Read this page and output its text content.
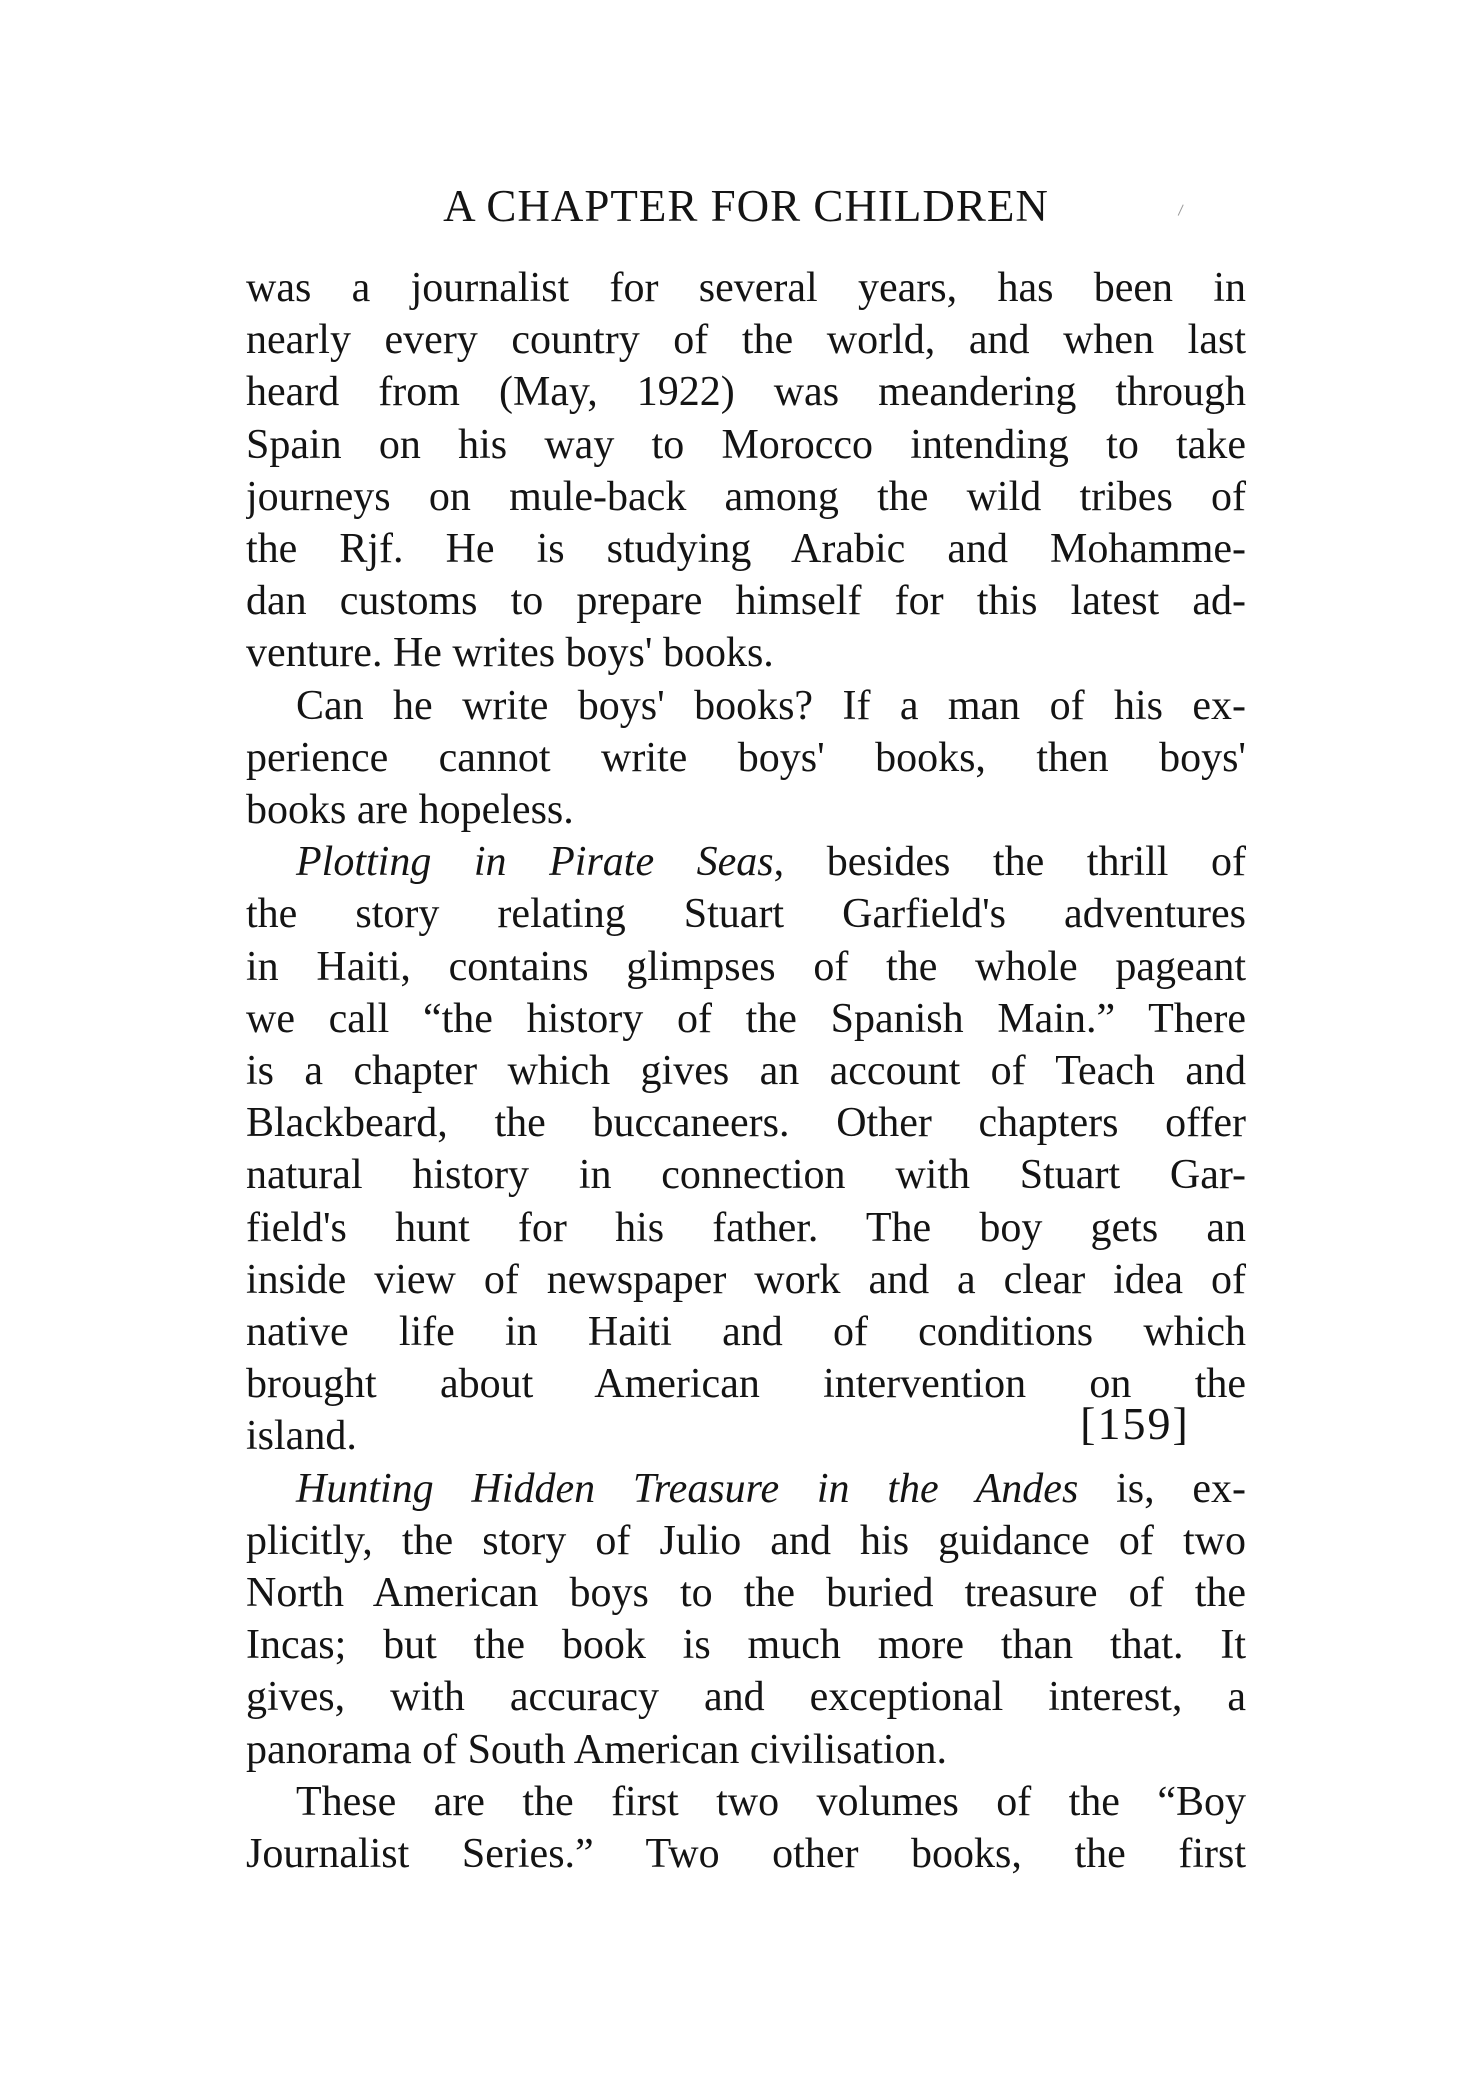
A CHAPTER FOR CHILDREN

was a journalist for several years, has been in
nearly every country of the world, and when last
heard from (May, 1922) was meandering through
Spain on his way to Morocco intending to take
journeys on mule-back among the wild tribes of
the Rjf. He is studying Arabic and Mohamme-
dan customs to prepare himself for this latest ad-
venture. He writes boys' books.

Can he write boys' books? If a man of his ex-
perience cannot write boys' books, then boys'
books are hopeless.

Plotting in Pirate Seas, besides the thrill of
the story relating Stuart Garfield's adventures
in Haiti, contains glimpses of the whole pageant
we call “the history of the Spanish Main.” There
is a chapter which gives an account of Teach and
Blackbeard, the buccaneers. Other chapters offer
natural history in connection with Stuart Gar-
field's hunt for his father. The boy gets an
inside view of newspaper work and a clear idea of
native life in Haiti and of conditions which
brought about American intervention on the
island.

Hunting Hidden Treasure in the Andes is, ex-
plicitly, the story of Julio and his guidance of two
North American boys to the buried treasure of the
Incas; but the book is much more than that. It
gives, with accuracy and exceptional interest, a
panorama of South American civilisation.

These are the first two volumes of the “Boy
Journalist Series.” Two other books, the first

[159]
